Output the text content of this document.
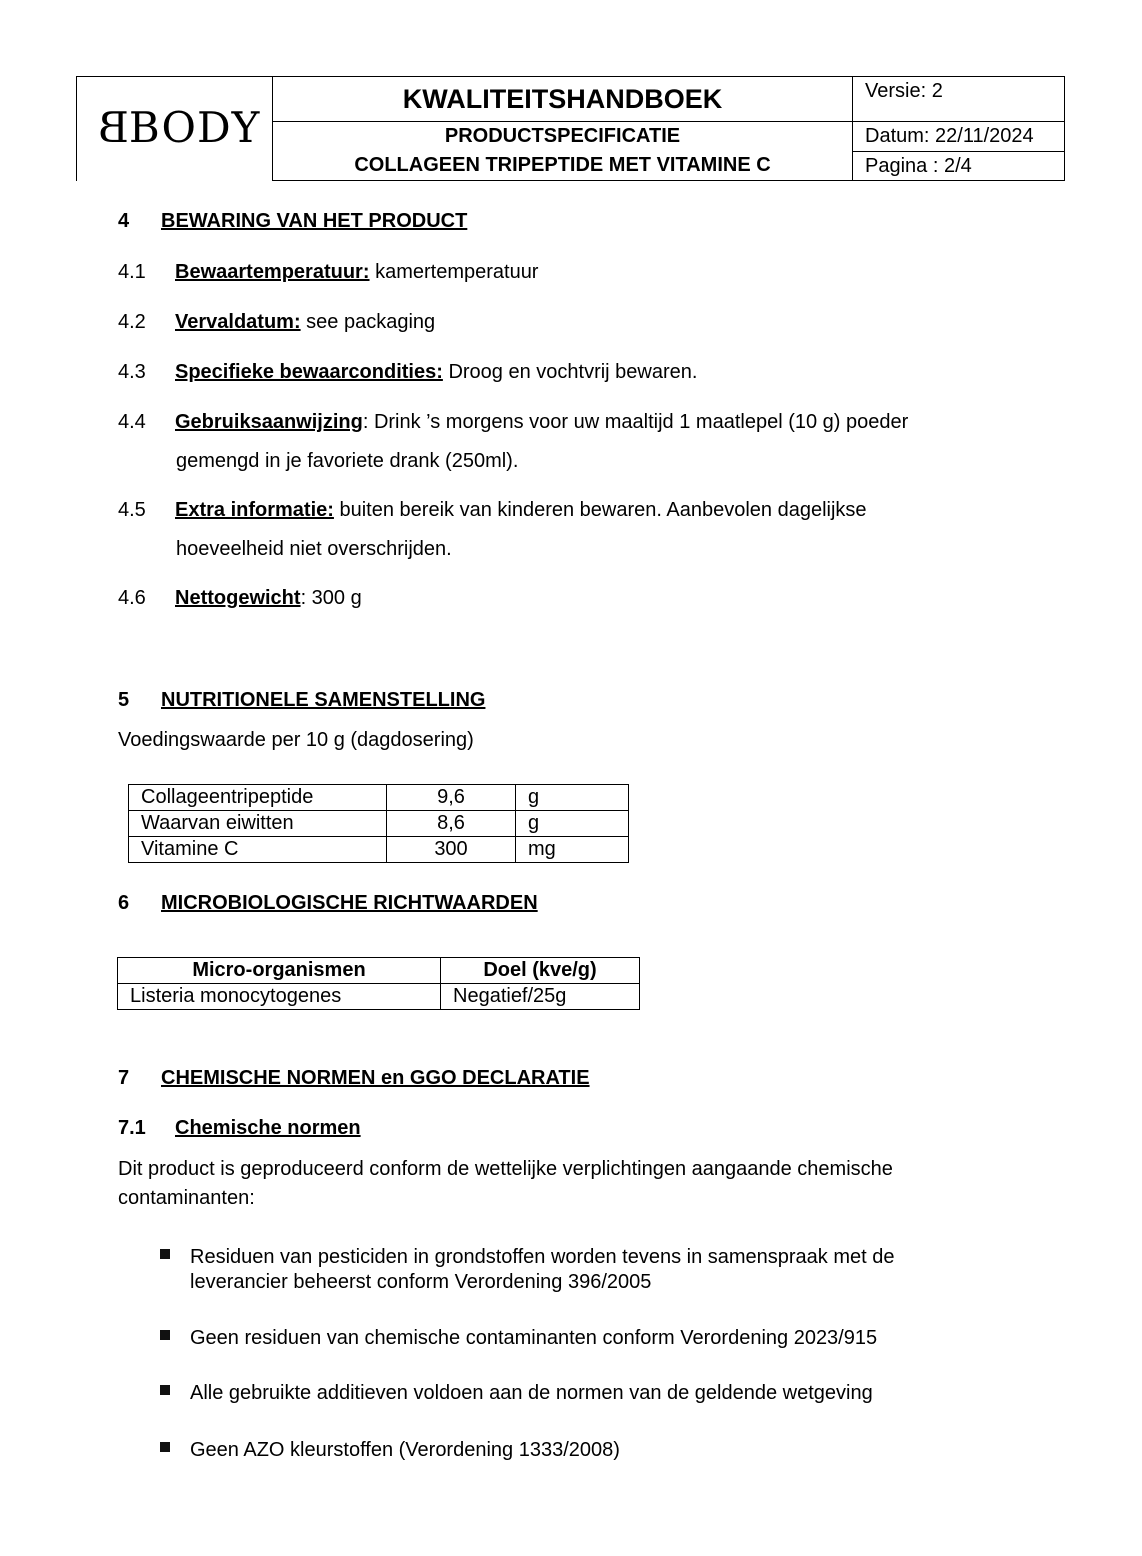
BBODY
KWALITEITSHANDBOEK	Versie: 2

PRODUCTSPECIFICATIE
COLLAGEEN TRIPEPTIDE MET VITAMINE C	Datum: 22/11/2024
	Pagina : 2/4
4 BEWARING VAN HET PRODUCT
4.1 Bewaartemperatuur: kamertemperatuur
4.2 Vervaldatum: see packaging
4.3 Specifieke bewaarcondities: Droog en vochtvrij bewaren.
4.4 Gebruiksaanwijzing: Drink ’s morgens voor uw maaltijd 1 maatlepel (10 g) poeder
gemengd in je favoriete drank (250ml).
4.5 Extra informatie: buiten bereik van kinderen bewaren. Aanbevolen dagelijkse
hoeveelheid niet overschrijden.
4.6 Nettogewicht: 300 g
5 NUTRITIONELE SAMENSTELLING
Voedingswaarde per 10 g (dagdosering)
Collageentripeptide	9,6	g
Waarvan eiwitten	8,6	g
Vitamine C	300	mg
6 MICROBIOLOGISCHE RICHTWAARDEN
Micro-organismen	Doel (kve/g)
Listeria monocytogenes	Negatief/25g
7 CHEMISCHE NORMEN en GGO DECLARATIE
7.1 Chemische normen
Dit product is geproduceerd conform de wettelijke verplichtingen aangaande chemische
contaminanten:
Residuen van pesticiden in grondstoffen worden tevens in samenspraak met de
leverancier beheerst conform Verordening 396/2005
Geen residuen van chemische contaminanten conform Verordening 2023/915
Alle gebruikte additieven voldoen aan de normen van de geldende wetgeving
Geen AZO kleurstoffen (Verordening 1333/2008)
